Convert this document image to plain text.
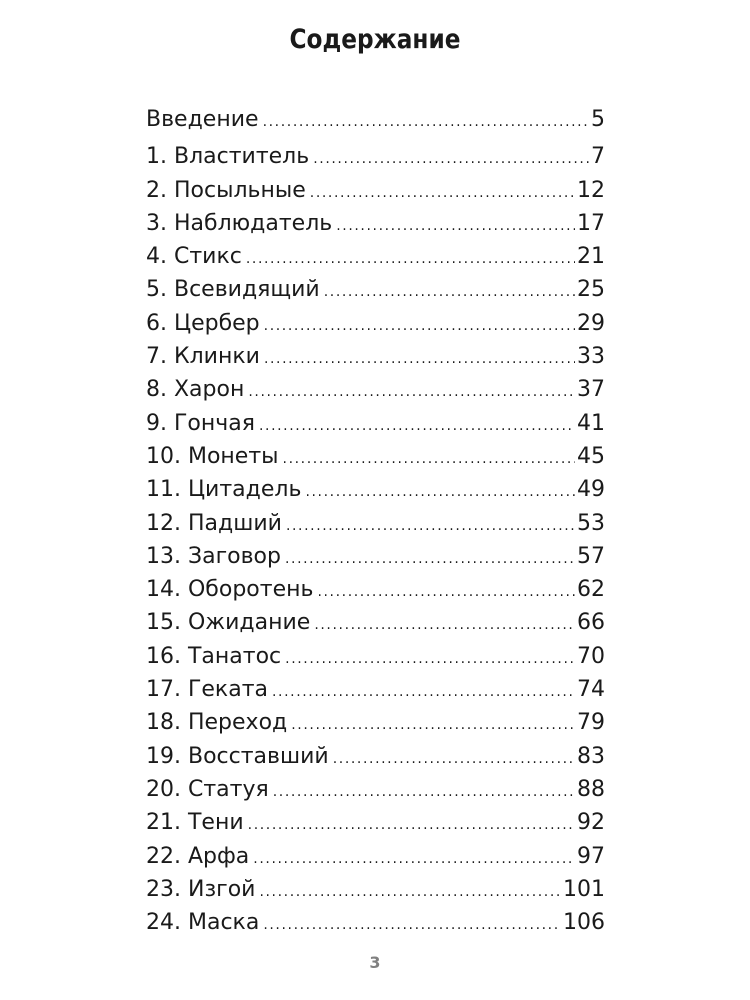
Содержание
Введение .....	5
1. Властитель .....	7
2. Посыльные .....	12
3. Наблюдатель .....	17
4. Стикс .....	21
5. Всевидящий .....	25
6. Цербер .....	29
7. Клинки .....	33
8. Харон .....	37
9. Гончая .....	41
10. Монеты .....	45
11. Цитадель .....	49
12. Падший .....	53
13. Заговор .....	57
14. Оборотень .....	62
15. Ожидание .....	66
16. Танатос .....	70
17. Геката .....	74
18. Переход .....	79
19. Восставший .....	83
20. Статуя .....	88
21. Тени .....	92
22. Арфа .....	97
23. Изгой .....	101
24. Маска .....	106
3
